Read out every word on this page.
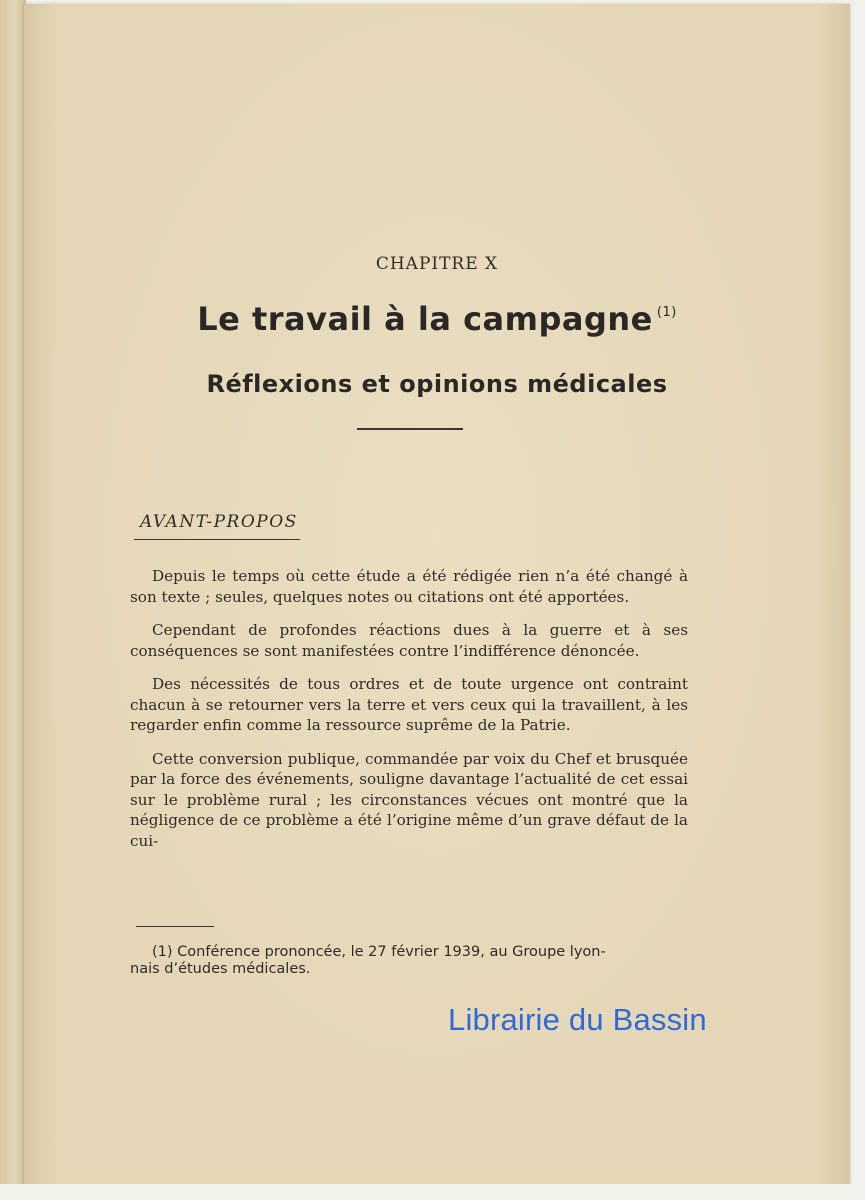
CHAPITRE X
Le travail à la campagne $^{(1)}$
Réflexions et opinions médicales
AVANT-PROPOS

Depuis le temps où cette étude a été rédigée rien n’a été changé à son texte ; seules, quelques notes ou citations ont été apportées.

Cependant de profondes réactions dues à la guerre et à ses conséquences se sont manifestées contre l’indifférence dénoncée.

Des nécessités de tous ordres et de toute urgence ont contraint chacun à se retourner vers la terre et vers ceux qui la travaillent, à les regarder enfin comme la ressource suprême de la Patrie.

Cette conversion publique, commandée par voix du Chef et brusquée par la force des événements, souligne davantage l’actualité de cet essai sur le problème rural ; les circonstances vécues ont montré que la négligence de ce problème a été l’origine même d’un grave défaut de la cui-

(1) Conférence prononcée, le 27 février 1939, au Groupe lyon-
nais d’études médicales.
Librairie du Bassin
